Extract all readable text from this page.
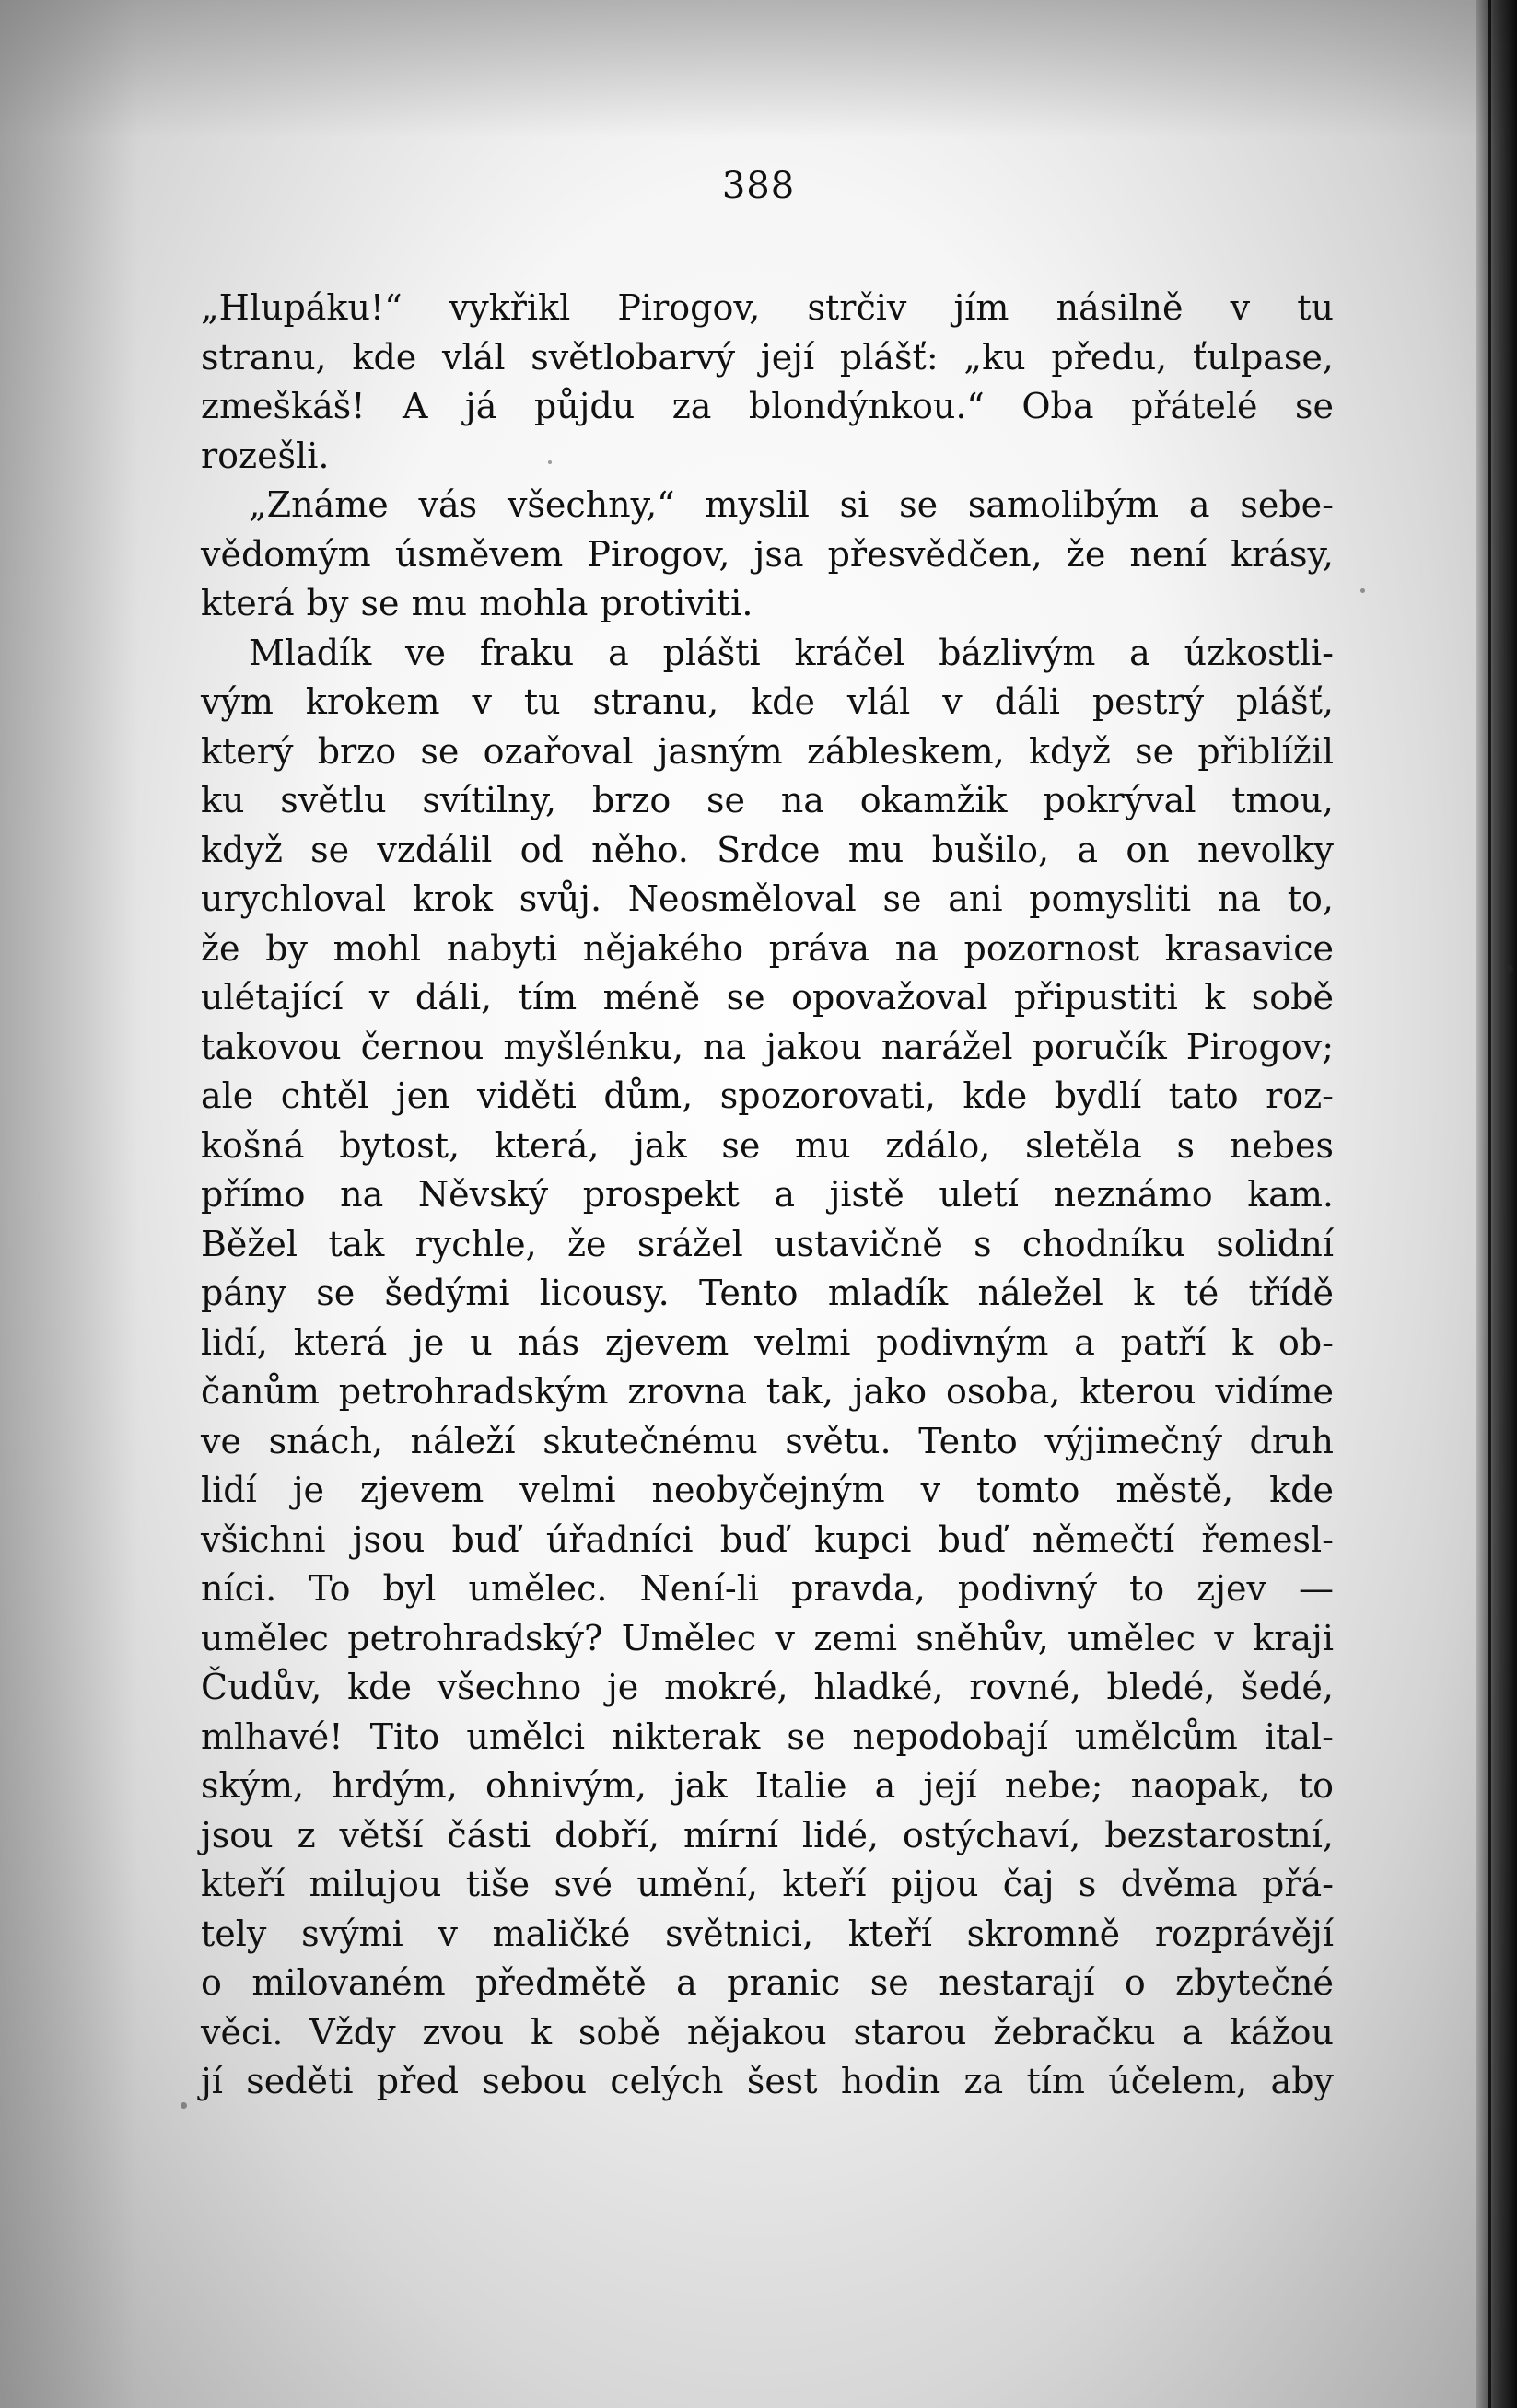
388
„Hlupáku!“ vykřikl Pirogov, strčiv jím násilně v tu
stranu, kde vlál světlobarvý její plášť: „ku předu, ťulpase,
zmeškáš! A já půjdu za blondýnkou.“ Oba přátelé se
rozešli.
„Známe vás všechny,“ myslil si se samolibým a sebe-
vědomým úsměvem Pirogov, jsa přesvědčen, že není krásy,
která by se mu mohla protiviti.
Mladík ve fraku a plášti kráčel bázlivým a úzkostli-
vým krokem v tu stranu, kde vlál v dáli pestrý plášť,
který brzo se ozařoval jasným zábleskem, když se přiblížil
ku světlu svítilny, brzo se na okamžik pokrýval tmou,
když se vzdálil od něho. Srdce mu bušilo, a on nevolky
urychloval krok svůj. Neosměloval se ani pomysliti na to,
že by mohl nabyti nějakého práva na pozornost krasavice
ulétající v dáli, tím méně se opovažoval připustiti k sobě
takovou černou myšlénku, na jakou narážel poručík Pirogov;
ale chtěl jen viděti dům, spozorovati, kde bydlí tato roz-
košná bytost, která, jak se mu zdálo, sletěla s nebes
přímo na Něvský prospekt a jistě uletí neznámo kam.
Běžel tak rychle, že srážel ustavičně s chodníku solidní
pány se šedými licousy. Tento mladík náležel k té třídě
lidí, která je u nás zjevem velmi podivným a patří k ob-
čanům petrohradským zrovna tak, jako osoba, kterou vidíme
ve snách, náleží skutečnému světu. Tento výjimečný druh
lidí je zjevem velmi neobyčejným v tomto městě, kde
všichni jsou buď úřadníci buď kupci buď němečtí řemesl-
níci. To byl umělec. Není-li pravda, podivný to zjev —
umělec petrohradský? Umělec v zemi sněhův, umělec v kraji
Čudův, kde všechno je mokré, hladké, rovné, bledé, šedé,
mlhavé! Tito umělci nikterak se nepodobají umělcům ital-
ským, hrdým, ohnivým, jak Italie a její nebe; naopak, to
jsou z větší části dobří, mírní lidé, ostýchaví, bezstarostní,
kteří milujou tiše své umění, kteří pijou čaj s dvěma přá-
tely svými v maličké světnici, kteří skromně rozprávějí
o milovaném předmětě a pranic se nestarají o zbytečné
věci. Vždy zvou k sobě nějakou starou žebračku a kážou
jí seděti před sebou celých šest hodin za tím účelem, aby
